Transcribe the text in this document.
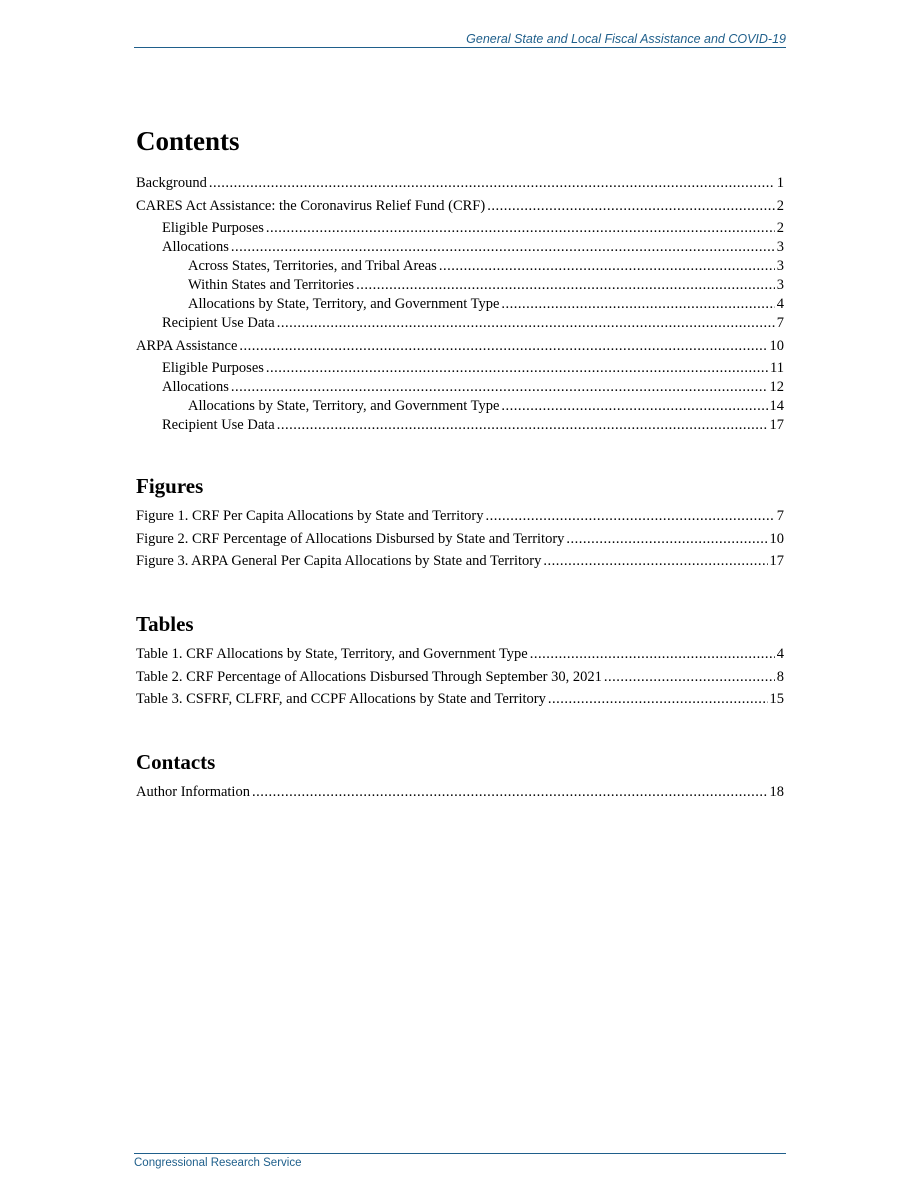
General State and Local Fiscal Assistance and COVID-19
Contents
Background .....	1
CARES Act Assistance: the Coronavirus Relief Fund (CRF) .....	2
Eligible Purposes .....	2
Allocations .....	3
Across States, Territories, and Tribal Areas .....	3
Within States and Territories .....	3
Allocations by State, Territory, and Government Type .....	4
Recipient Use Data .....	7
ARPA Assistance .....	10
Eligible Purposes .....	11
Allocations .....	12
Allocations by State, Territory, and Government Type .....	14
Recipient Use Data .....	17
Figures
Figure 1. CRF Per Capita Allocations by State and Territory .....	7
Figure 2. CRF Percentage of Allocations Disbursed by State and Territory .....	10
Figure 3. ARPA General Per Capita Allocations by State and Territory .....	17
Tables
Table 1. CRF Allocations by State, Territory, and Government Type .....	4
Table 2. CRF Percentage of Allocations Disbursed Through September 30, 2021 .....	8
Table 3. CSFRF, CLFRF, and CCPF Allocations by State and Territory .....	15
Contacts
Author Information .....	18
Congressional Research Service
